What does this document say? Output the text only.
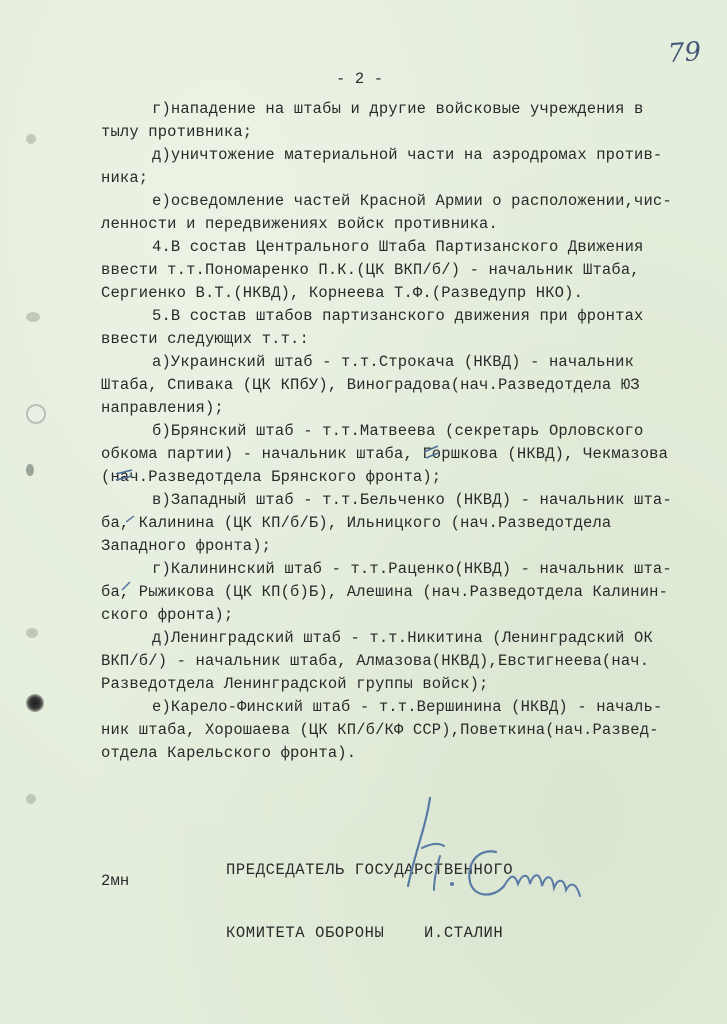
79
- 2 -
г)нападение на штабы и другие войсковые учреждения в
тылу противника;
д)уничтожение материальной части на аэродромах против-
ника;
е)осведомление частей Красной Армии о расположении,чис-
ленности и передвижениях войск противника.
4.В состав Центрального Штаба Партизанского Движения
ввести т.т.Пономаренко П.К.(ЦК ВКП/б/) - начальник Штаба,
Сергиенко В.Т.(НКВД), Корнеева Т.Ф.(Разведупр НКО).
5.В состав штабов партизанского движения при фронтах
ввести следующих т.т.:
а)Украинский штаб - т.т.Строкача (НКВД) - начальник
Штаба, Спивака (ЦК КПбУ), Виноградова(нач.Разведотдела ЮЗ
направления);
б)Брянский штаб - т.т.Матвеева (секретарь Орловского
обкома партии) - начальник штаба, Горшкова (НКВД), Чекмазова
(нач.Разведотдела Брянского фронта);
в)Западный штаб - т.т.Бельченко (НКВД) - начальник шта-
ба, Калинина (ЦК КП/б/Б), Ильницкого (нач.Разведотдела
Западного фронта);
г)Калининский штаб - т.т.Раценко(НКВД) - начальник шта-
ба, Рыжикова (ЦК КП(б)Б), Алешина (нач.Разведотдела Калинин-
ского фронта);
д)Ленинградский штаб - т.т.Никитина (Ленинградский ОК
ВКП/б/) - начальник штаба, Алмазова(НКВД),Евстигнеева(нач.
Разведотдела Ленинградской группы войск);
е)Карело-Финский штаб - т.т.Вершинина (НКВД) - началь-
ник штаба, Хорошаева (ЦК КП/б/КФ ССР),Поветкина(нач.Развед-
отдела Карельского фронта).

ПРЕДСЕДАТЕЛЬ ГОСУДАРСТВЕННОГО

КОМИТЕТА ОБОРОНЫ    И.СТАЛИН

2мн
